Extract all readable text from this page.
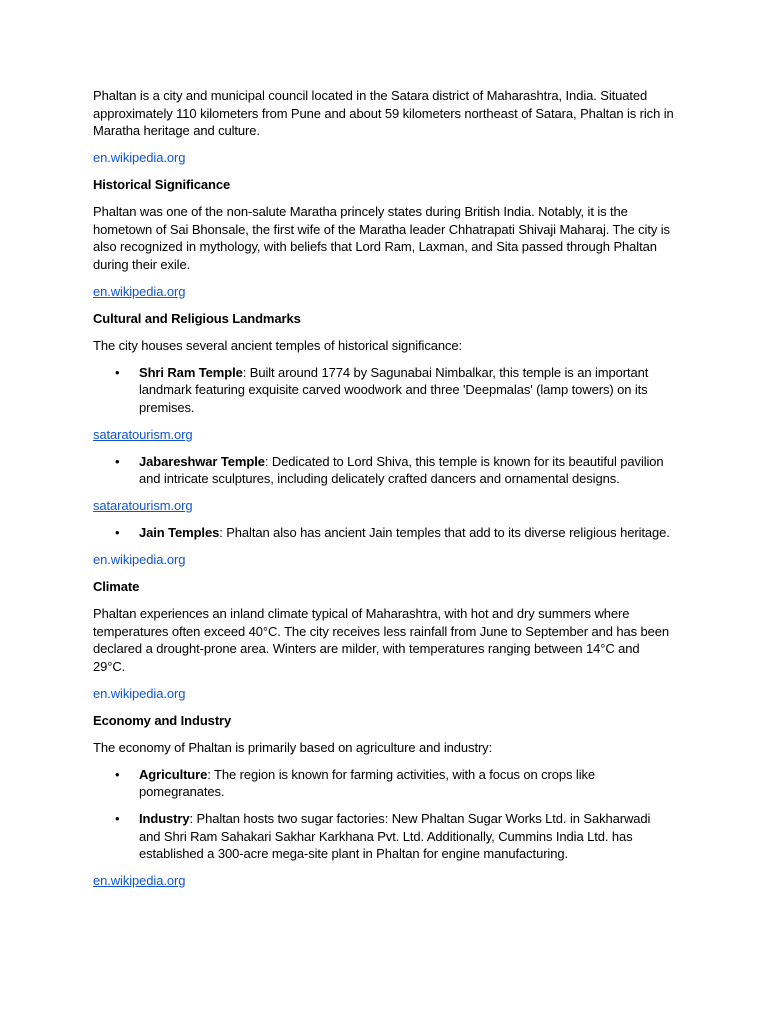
Phaltan is a city and municipal council located in the Satara district of Maharashtra, India. Situated approximately 110 kilometers from Pune and about 59 kilometers northeast of Satara, Phaltan is rich in Maratha heritage and culture.

en.wikipedia.org

Historical Significance

Phaltan was one of the non-salute Maratha princely states during British India. Notably, it is the hometown of Sai Bhonsale, the first wife of the Maratha leader Chhatrapati Shivaji Maharaj. The city is also recognized in mythology, with beliefs that Lord Ram, Laxman, and Sita passed through Phaltan during their exile.

en.wikipedia.org

Cultural and Religious Landmarks

The city houses several ancient temples of historical significance:

• Shri Ram Temple: Built around 1774 by Sagunabai Nimbalkar, this temple is an important landmark featuring exquisite carved woodwork and three 'Deepmalas' (lamp towers) on its premises.

sataratourism.org

• Jabareshwar Temple: Dedicated to Lord Shiva, this temple is known for its beautiful pavilion and intricate sculptures, including delicately crafted dancers and ornamental designs.

sataratourism.org

• Jain Temples: Phaltan also has ancient Jain temples that add to its diverse religious heritage.

en.wikipedia.org

Climate

Phaltan experiences an inland climate typical of Maharashtra, with hot and dry summers where temperatures often exceed 40°C. The city receives less rainfall from June to September and has been declared a drought-prone area. Winters are milder, with temperatures ranging between 14°C and 29°C.

en.wikipedia.org

Economy and Industry

The economy of Phaltan is primarily based on agriculture and industry:

• Agriculture: The region is known for farming activities, with a focus on crops like pomegranates.
• Industry: Phaltan hosts two sugar factories: New Phaltan Sugar Works Ltd. in Sakharwadi and Shri Ram Sahakari Sakhar Karkhana Pvt. Ltd. Additionally, Cummins India Ltd. has established a 300-acre mega-site plant in Phaltan for engine manufacturing.

en.wikipedia.org
